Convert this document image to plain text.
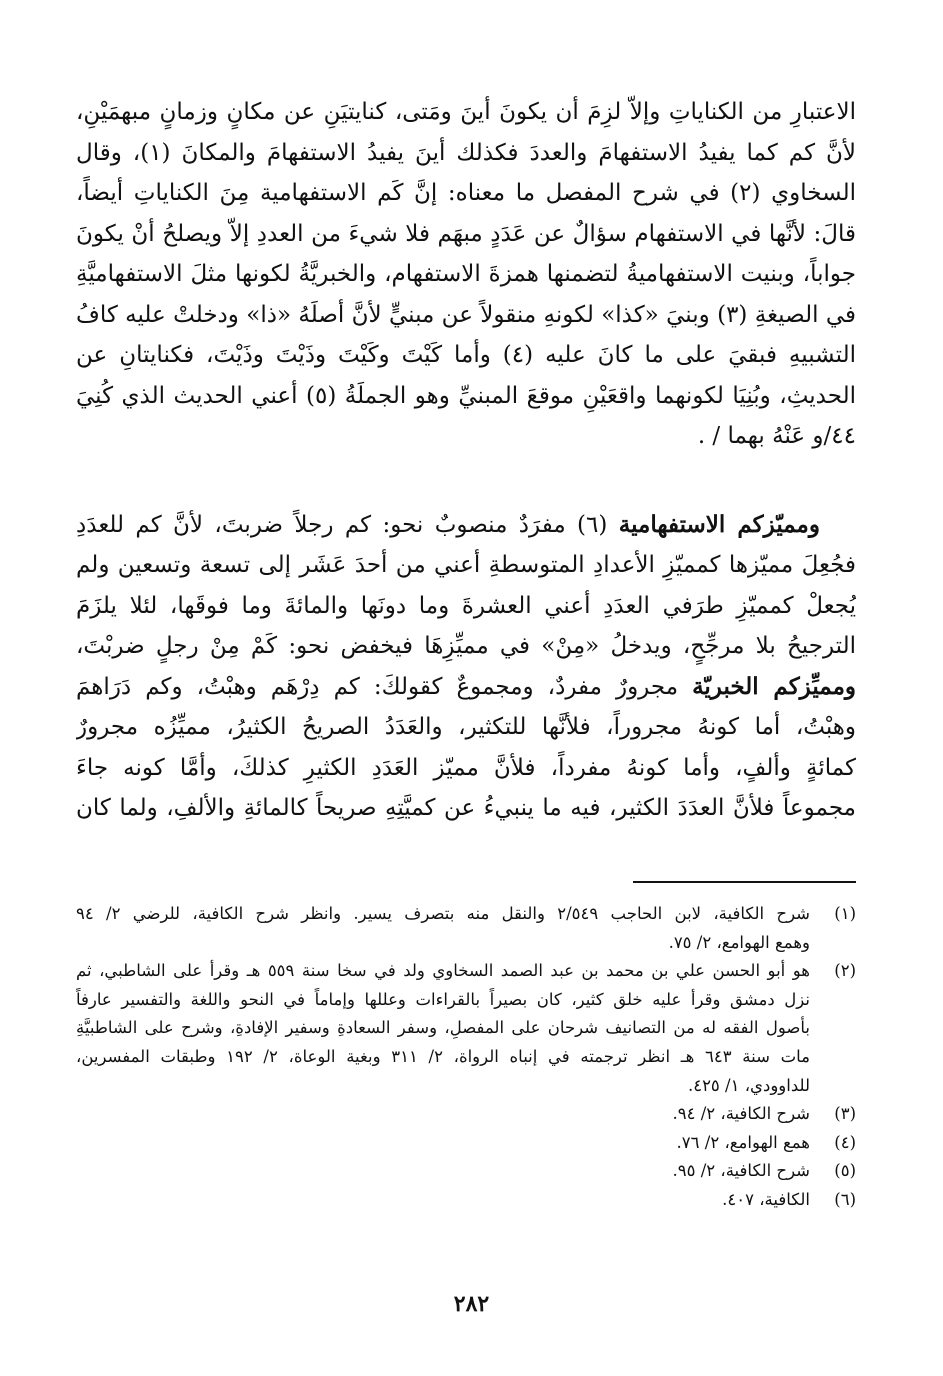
الاعتبارِ من الكناياتِ وإلاّ لزِمَ أن يكونَ أينَ ومَتى، كنايتيَنِ عن مكانٍ وزمانٍ مبهمَيْنِ،
لأنَّ كم كما يفيدُ الاستفهامَ والعددَ فكذلك أينَ يفيدُ الاستفهامَ والمكانَ (١)، وقال
السخاوي (٢) في شرح المفصل ما معناه: إنَّ كَم الاستفهامية مِنَ الكناياتِ أيضاً،
قالَ: لأنَّها في الاستفهام سؤالٌ عن عَدَدٍ مبهَم فلا شيءَ من العددِ إلاّ ويصلحُ أنْ يكونَ
جواباً، وبنيت الاستفهاميةُ لتضمنها همزةَ الاستفهام، والخبريَّةُ لكونها مثلَ الاستفهاميَّةِ
في الصيغةِ (٣) وبنيَ «كذا» لكونهِ منقولاً عن مبنيٍّ لأنَّ أصلَهُ «ذا» ودخلتْ عليه كافُ
التشبيهِ فبقيَ على ما كانَ عليه (٤) وأما كَيْتَ وكَيْتَ وذَيْتَ وذَيْتَ، فكنايتانِ عن
الحديثِ، وبُنِيَا لكونهما واقعَيْنِ موقعَ المبنيِّ وهو الجملَةُ (٥) أعني الحديث الذي كُنِيَ
٤٤/و عَنْهُ بهما / .
ومميّزكم الاستفهامية (٦) مفرَدٌ منصوبٌ نحو: كم رجلاً ضربتَ، لأنَّ كم للعدَدِ
فجُعِلَ مميّزها كمميّزِ الأعدادِ المتوسطةِ أعني من أحدَ عَشَر إلى تسعة وتسعين ولم
يُجعلْ كمميّزِ طرَفي العدَدِ أعني العشرةَ وما دونَها والمائةَ وما فوقَها، لئلا يلزَمَ
الترجيحُ بلا مرجِّحٍ، ويدخلُ «مِنْ» في مميِّزِهَا فيخفض نحو: كَمْ مِنْ رجلٍ ضربْتَ،
ومميِّزكم الخبريّة مجرورٌ مفردٌ، ومجموعٌ كقولكَ: كم دِرْهَم وهبْتُ، وكم دَرَاهمَ
وهبْتُ، أما كونهُ مجروراً، فلأنَّها للتكثير، والعَدَدُ الصريحُ الكثيرُ، مميِّزُه مجرورٌ
كمائةٍ وألفٍ، وأما كونهُ مفرداً، فلأنَّ مميّز العَدَدِ الكثيرِ كذلكَ، وأمَّا كونه جاءَ
مجموعاً فلأنَّ العدَدَ الكثير، فيه ما ينبيءُ عن كميَّتِهِ صريحاً كالمائةِ والألفِ، ولما كان
(١)
شرح الكافية، لابن الحاجب ٢/٥٤٩ والنقل منه بتصرف يسير. وانظر شرح الكافية، للرضي ٢/ ٩٤
وهمع الهوامع، ٢/ ٧٥.
(٢)
هو أبو الحسن علي بن محمد بن عبد الصمد السخاوي ولد في سخا سنة ٥٥٩ هـ وقرأ على الشاطبي، ثم
نزل دمشق وقرأ عليه خلق كثير، كان بصيراً بالقراءات وعللها وإماماً في النحو واللغة والتفسير عارفاً
بأصول الفقه له من التصانيف شرحان على المفصلِ، وسفر السعادةِ وسفير الإفادةِ، وشرح على الشاطبيَّةِ
مات سنة ٦٤٣ هـ انظر ترجمته في إنباه الرواة، ٢/ ٣١١ وبغية الوعاة، ٢/ ١٩٢ وطبقات المفسرين،
للداوودي، ١/ ٤٢٥.
(٣)
شرح الكافية، ٢/ ٩٤.
(٤)
همع الهوامع، ٢/ ٧٦.
(٥)
شرح الكافية، ٢/ ٩٥.
(٦)
الكافية، ٤٠٧.
٢٨٢
